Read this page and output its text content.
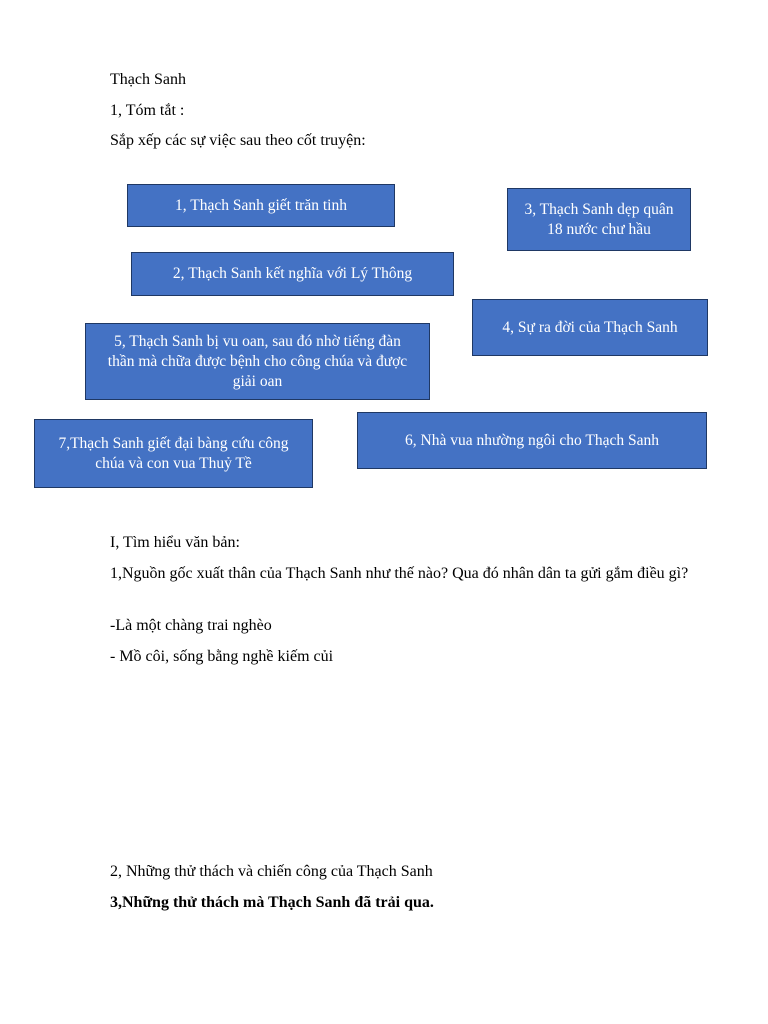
Thạch Sanh
1, Tóm tắt :
Sắp xếp các sự việc sau theo cốt truyện:
1, Thạch Sanh giết trăn tinh	3, Thạch Sanh dẹp quân 18 nước chư hầu
2, Thạch Sanh kết nghĩa với Lý Thông
4, Sự ra đời của Thạch Sanh
5, Thạch Sanh bị vu oan, sau đó nhờ tiếng đàn thần mà chữa được bệnh cho công chúa và được giải oan
7,Thạch Sanh giết đại bàng cứu công chúa và con vua Thuỷ Tề
6, Nhà vua nhường ngôi cho Thạch Sanh
I, Tìm hiểu văn bản:
1,Nguồn gốc xuất thân của Thạch Sanh như thế nào? Qua đó nhân dân ta gửi gắm điều gì?
-Là một chàng trai nghèo
- Mồ côi, sống bằng nghề kiếm củi
2, Những thử thách và chiến công của Thạch Sanh
3,Những thử thách mà Thạch Sanh đã trải qua.
